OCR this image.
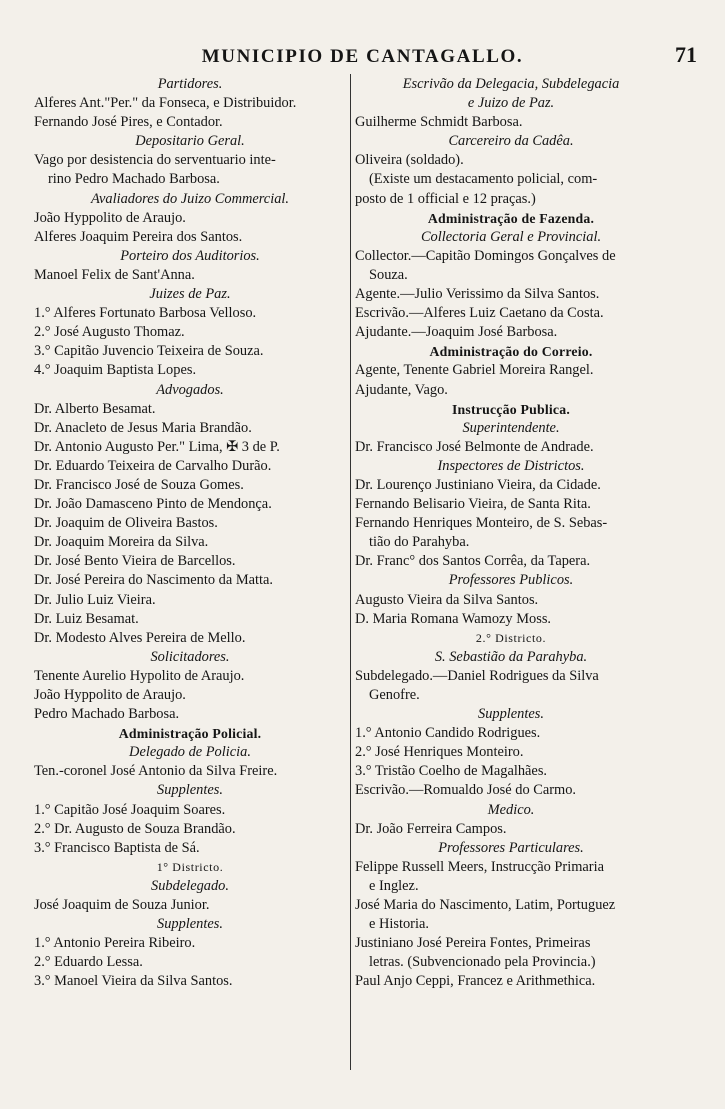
MUNICIPIO DE CANTAGALLO.	71

Partidores.

Alferes Ant."Per." da Fonseca, e Distribuidor.

Fernando José Pires, e Contador.

Depositario Geral.

Vago por desistencia do serventuario inte-

rino Pedro Machado Barbosa.

Avaliadores do Juizo Commercial.

João Hyppolito de Araujo.

Alferes Joaquim Pereira dos Santos.

Porteiro dos Auditorios.

Manoel Felix de Sant'Anna.

Juizes de Paz.

1.° Alferes Fortunato Barbosa Velloso.

2.° José Augusto Thomaz.

3.° Capitão Juvencio Teixeira de Souza.

4.° Joaquim Baptista Lopes.

Advogados.

Dr. Alberto Besamat.

Dr. Anacleto de Jesus Maria Brandão.

Dr. Antonio Augusto Per." Lima, ✠ 3 de P.

Dr. Eduardo Teixeira de Carvalho Durão.

Dr. Francisco José de Souza Gomes.

Dr. João Damasceno Pinto de Mendonça.

Dr. Joaquim de Oliveira Bastos.

Dr. Joaquim Moreira da Silva.

Dr. José Bento Vieira de Barcellos.

Dr. José Pereira do Nascimento da Matta.

Dr. Julio Luiz Vieira.

Dr. Luiz Besamat.

Dr. Modesto Alves Pereira de Mello.

Solicitadores.

Tenente Aurelio Hypolito de Araujo.

João Hyppolito de Araujo.

Pedro Machado Barbosa.

Administração Policial.

Delegado de Policia.

Ten.-coronel José Antonio da Silva Freire.

Supplentes.

1.° Capitão José Joaquim Soares.

2.° Dr. Augusto de Souza Brandão.

3.° Francisco Baptista de Sá.

1° Districto.

Subdelegado.

José Joaquim de Souza Junior.

Supplentes.

1.° Antonio Pereira Ribeiro.

2.° Eduardo Lessa.

3.° Manoel Vieira da Silva Santos.

Escrivão da Delegacia, Subdelegacia

e Juizo de Paz.

Guilherme Schmidt Barbosa.

Carcereiro da Cadêa.

Oliveira (soldado).

(Existe um destacamento policial, com-

posto de 1 official e 12 praças.)

Administração de Fazenda.

Collectoria Geral e Provincial.

Collector.—Capitão Domingos Gonçalves de

Souza.

Agente.—Julio Verissimo da Silva Santos.

Escrivão.—Alferes Luiz Caetano da Costa.

Ajudante.—Joaquim José Barbosa.

Administração do Correio.

Agente, Tenente Gabriel Moreira Rangel.

Ajudante, Vago.

Instrucção Publica.

Superintendente.

Dr. Francisco José Belmonte de Andrade.

Inspectores de Districtos.

Dr. Lourenço Justiniano Vieira, da Cidade.

Fernando Belisario Vieira, de Santa Rita.

Fernando Henriques Monteiro, de S. Sebas-

tião do Parahyba.

Dr. Franc° dos Santos Corrêa, da Tapera.

Professores Publicos.

Augusto Vieira da Silva Santos.

D. Maria Romana Wamozy Moss.

2.° Districto.

S. Sebastião da Parahyba.

Subdelegado.—Daniel Rodrigues da Silva

Genofre.

Supplentes.

1.° Antonio Candido Rodrigues.

2.° José Henriques Monteiro.

3.° Tristão Coelho de Magalhães.

Escrivão.—Romualdo José do Carmo.

Medico.

Dr. João Ferreira Campos.

Professores Particulares.

Felippe Russell Meers, Instrucção Primaria

e Inglez.

José Maria do Nascimento, Latim, Portuguez

e Historia.

Justiniano José Pereira Fontes, Primeiras

letras. (Subvencionado pela Provincia.)

Paul Anjo Ceppi, Francez e Arithmethica.
